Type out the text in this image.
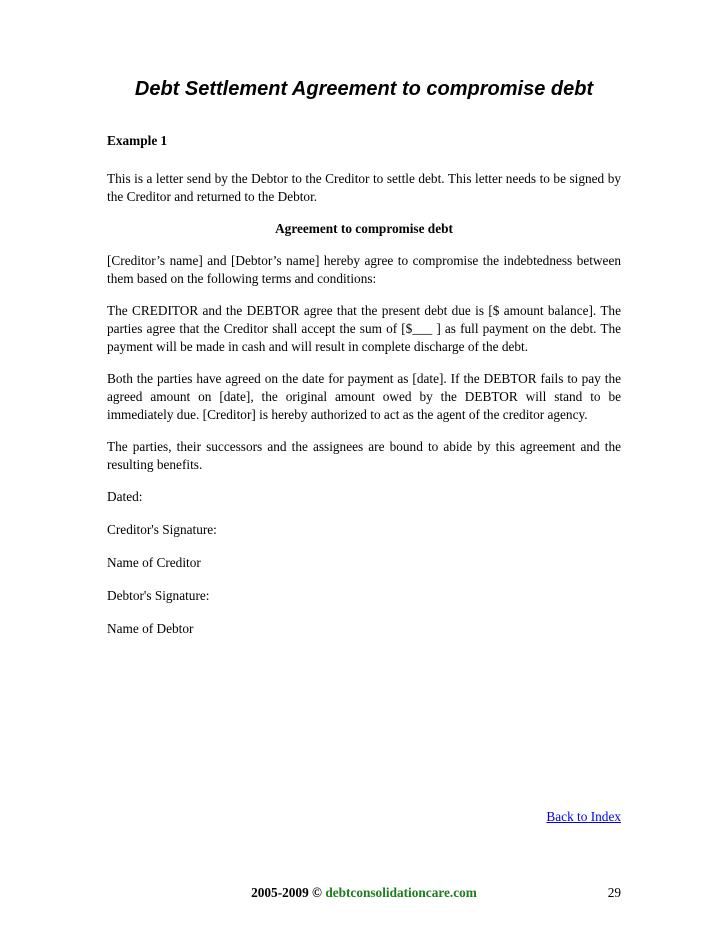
Debt Settlement Agreement to compromise debt

Example 1

This is a letter send by the Debtor to the Creditor to settle debt. This letter needs to be signed by the Creditor and returned to the Debtor.

Agreement to compromise debt

[Creditor’s name] and [Debtor’s name] hereby agree to compromise the indebtedness between them based on the following terms and conditions:

The CREDITOR and the DEBTOR agree that the present debt due is [$ amount balance]. The parties agree that the Creditor shall accept the sum of [$___ ] as full payment on the debt. The payment will be made in cash and will result in complete discharge of the debt.

Both the parties have agreed on the date for payment as [date]. If the DEBTOR fails to pay the agreed amount on [date], the original amount owed by the DEBTOR will stand to be immediately due. [Creditor] is hereby authorized to act as the agent of the creditor agency.

The parties, their successors and the assignees are bound to abide by this agreement and the resulting benefits.

Dated:
Creditor's Signature:
Name of Creditor
Debtor's Signature:
Name of Debtor
Back to Index
2005-2009 © debtconsolidationcare.com	29
